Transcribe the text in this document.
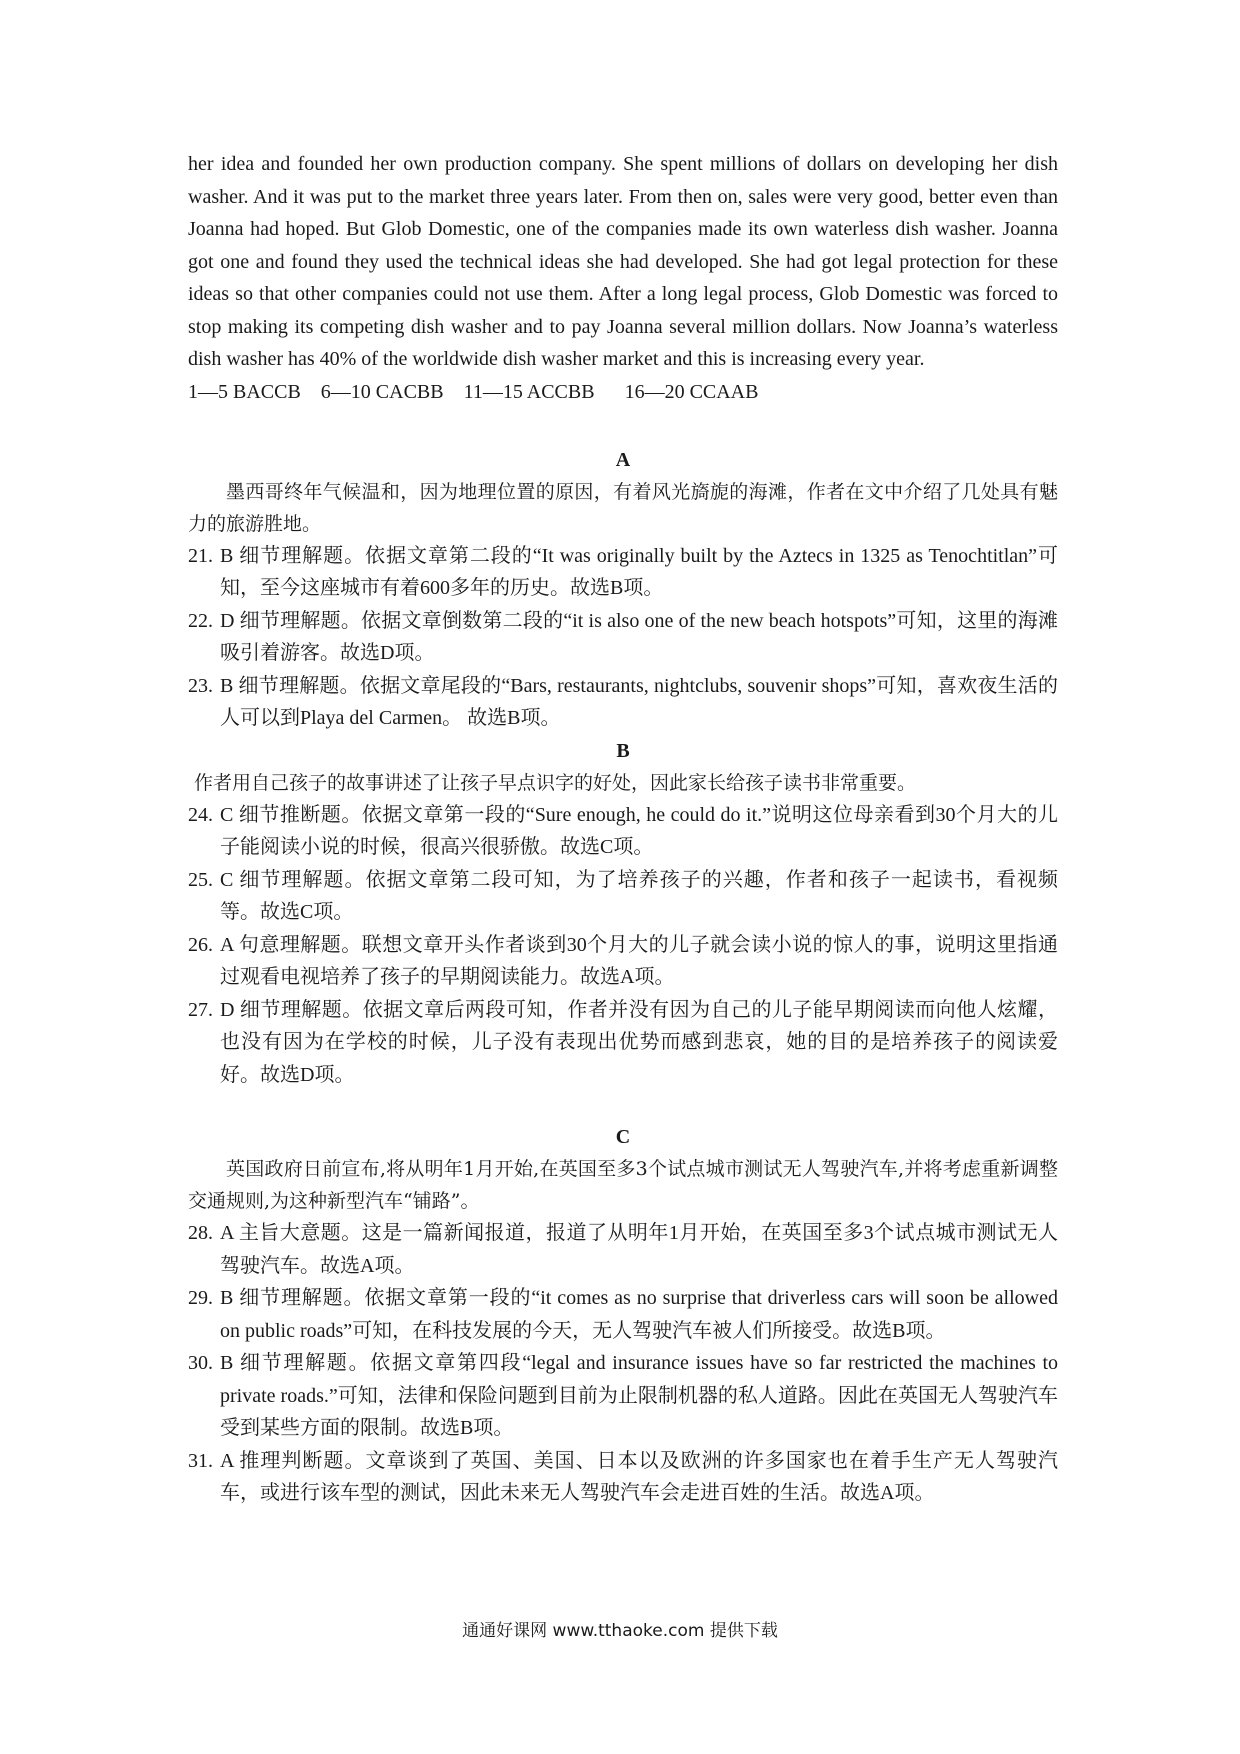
her idea and founded her own production company. She spent millions of dollars on developing her dish washer. And it was put to the market three years later. From then on, sales were very good, better even than Joanna had hoped. But Glob Domestic, one of the companies made its own waterless dish washer. Joanna got one and found they used the technical ideas she had developed. She had got legal protection for these ideas so that other companies could not use them. After a long legal process, Glob Domestic was forced to stop making its competing dish washer and to pay Joanna several million dollars. Now Joanna’s waterless dish washer has 40% of the worldwide dish washer market and this is increasing every year.

1—5 BACCB    6—10 CACBB    11—15 ACCBB      16—20 CCAAB

A

墨西哥终年气候温和，因为地理位置的原因，有着风光旖旎的海滩，作者在文中介绍了几处具有魅力的旅游胜地。

21. B 细节理解题。依据文章第二段的“It was originally built by the Aztecs in 1325 as Tenochtitlan”可知，至今这座城市有着600多年的历史。故选B项。
22. D 细节理解题。依据文章倒数第二段的“it is also one of the new beach hotspots”可知，这里的海滩吸引着游客。故选D项。
23. B 细节理解题。依据文章尾段的“Bars, restaurants, nightclubs, souvenir shops”可知，喜欢夜生活的人可以到Playa del Carmen。 故选B项。

B

作者用自己孩子的故事讲述了让孩子早点识字的好处，因此家长给孩子读书非常重要。

24. C 细节推断题。依据文章第一段的“Sure enough, he could do it.”说明这位母亲看到30个月大的儿子能阅读小说的时候，很高兴很骄傲。故选C项。
25. C 细节理解题。依据文章第二段可知，为了培养孩子的兴趣，作者和孩子一起读书，看视频等。故选C项。
26. A 句意理解题。联想文章开头作者谈到30个月大的儿子就会读小说的惊人的事，说明这里指通过观看电视培养了孩子的早期阅读能力。故选A项。
27. D 细节理解题。依据文章后两段可知，作者并没有因为自己的儿子能早期阅读而向他人炫耀，也没有因为在学校的时候，儿子没有表现出优势而感到悲哀，她的目的是培养孩子的阅读爱好。故选D项。

C

英国政府日前宣布,将从明年1月开始,在英国至多3个试点城市测试无人驾驶汽车,并将考虑重新调整交通规则,为这种新型汽车“铺路”。

28. A 主旨大意题。这是一篇新闻报道，报道了从明年1月开始，在英国至多3个试点城市测试无人驾驶汽车。故选A项。
29. B 细节理解题。依据文章第一段的“it comes as no surprise that driverless cars will soon be allowed on public roads”可知，在科技发展的今天，无人驾驶汽车被人们所接受。故选B项。
30. B 细节理解题。依据文章第四段“legal and insurance issues have so far restricted the machines to private roads.”可知，法律和保险问题到目前为止限制机器的私人道路。因此在英国无人驾驶汽车受到某些方面的限制。故选B项。
31. A 推理判断题。文章谈到了英国、美国、日本以及欧洲的许多国家也在着手生产无人驾驶汽车，或进行该车型的测试，因此未来无人驾驶汽车会走进百姓的生活。故选A项。
通通好课网 www.tthaoke.com 提供下载
